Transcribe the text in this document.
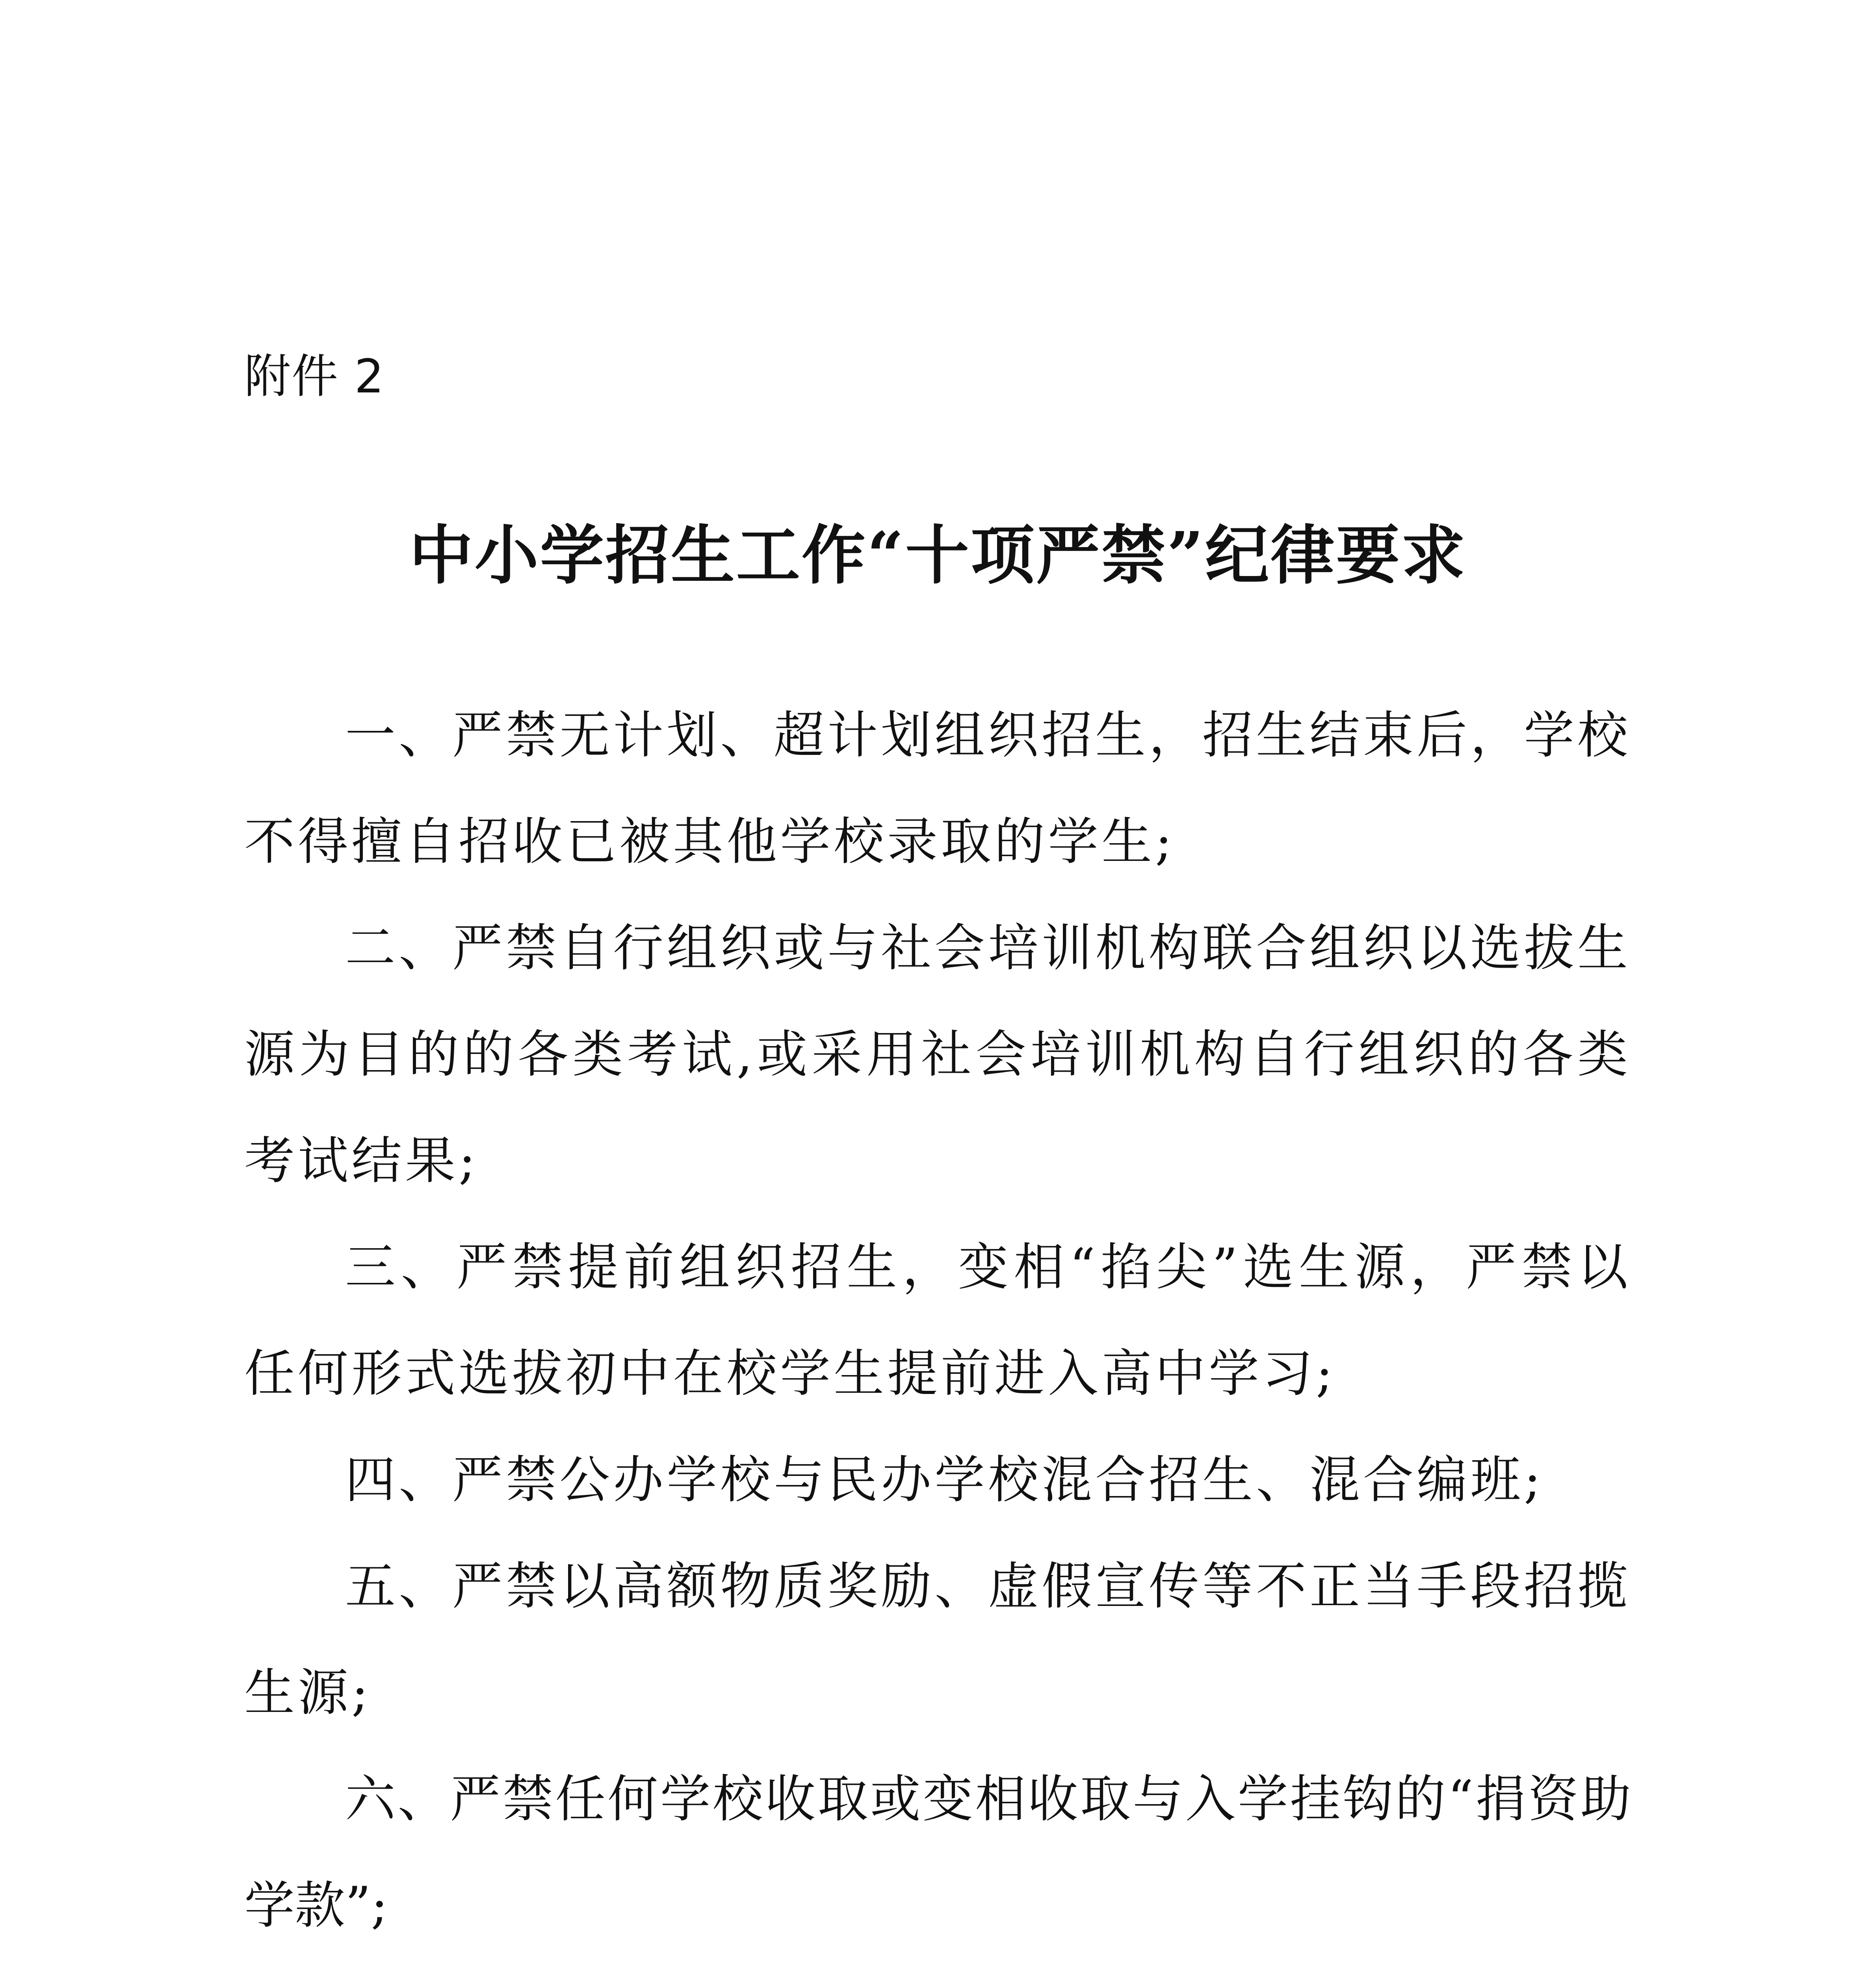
附件 2
中小学招生工作“十项严禁”纪律要求
一、严禁无计划、超计划组织招生，招生结束后，学校不得擅自招收已被其他学校录取的学生;
二、严禁自行组织或与社会培训机构联合组织以选拔生源为目的的各类考试,或采用社会培训机构自行组织的各类考试结果;
三、严禁提前组织招生，变相“掐尖”选生源，严禁以任何形式选拔初中在校学生提前进入高中学习;
四、严禁公办学校与民办学校混合招生、混合编班;
五、严禁以高额物质奖励、虚假宣传等不正当手段招揽生源;
六、严禁任何学校收取或变相收取与入学挂钩的“捐资助学款”;
